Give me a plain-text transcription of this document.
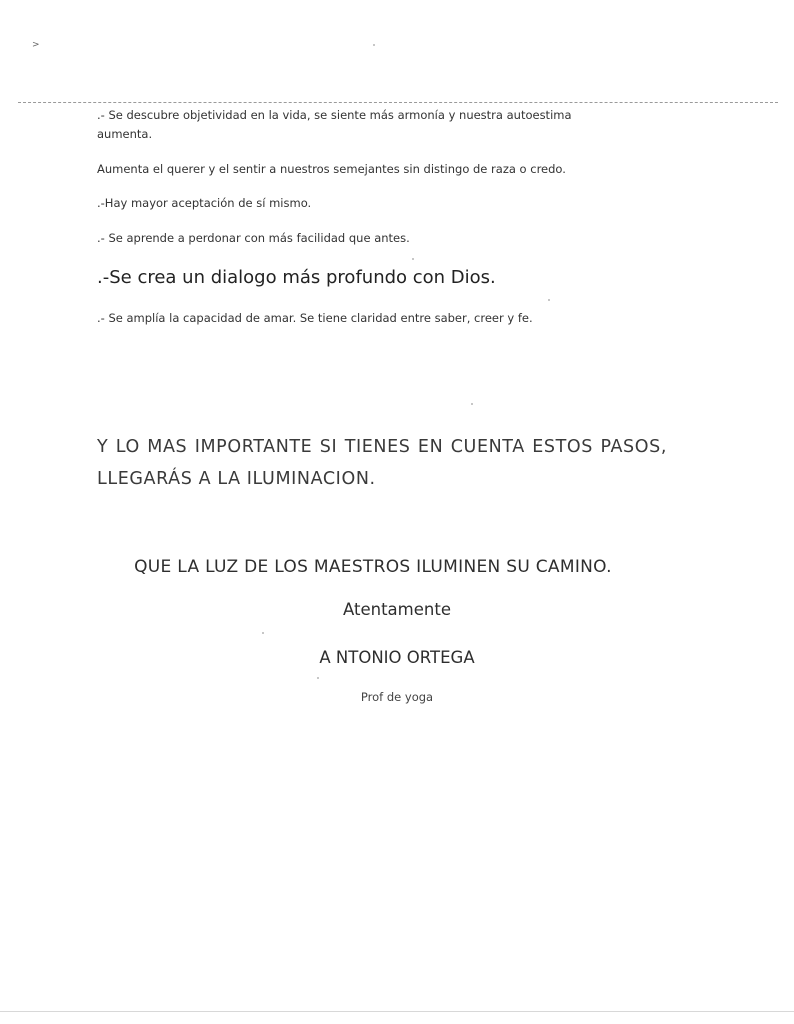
>

.- Se descubre objetividad en la vida, se siente más armonía y nuestra autoestima aumenta.

Aumenta el querer y el sentir a nuestros semejantes sin distingo de raza o credo.

.-Hay mayor aceptación de sí mismo.

.- Se aprende a perdonar con más facilidad que antes.

.-Se crea un dialogo más profundo con Dios.

.- Se amplía la capacidad de amar. Se tiene claridad entre saber, creer y fe.

Y LO MAS IMPORTANTE SI TIENES EN CUENTA ESTOS PASOS, LLEGARÁS A LA ILUMINACION.

QUE LA LUZ DE LOS MAESTROS ILUMINEN SU CAMINO.

Atentamente

A NTONIO ORTEGA

Prof de yoga
